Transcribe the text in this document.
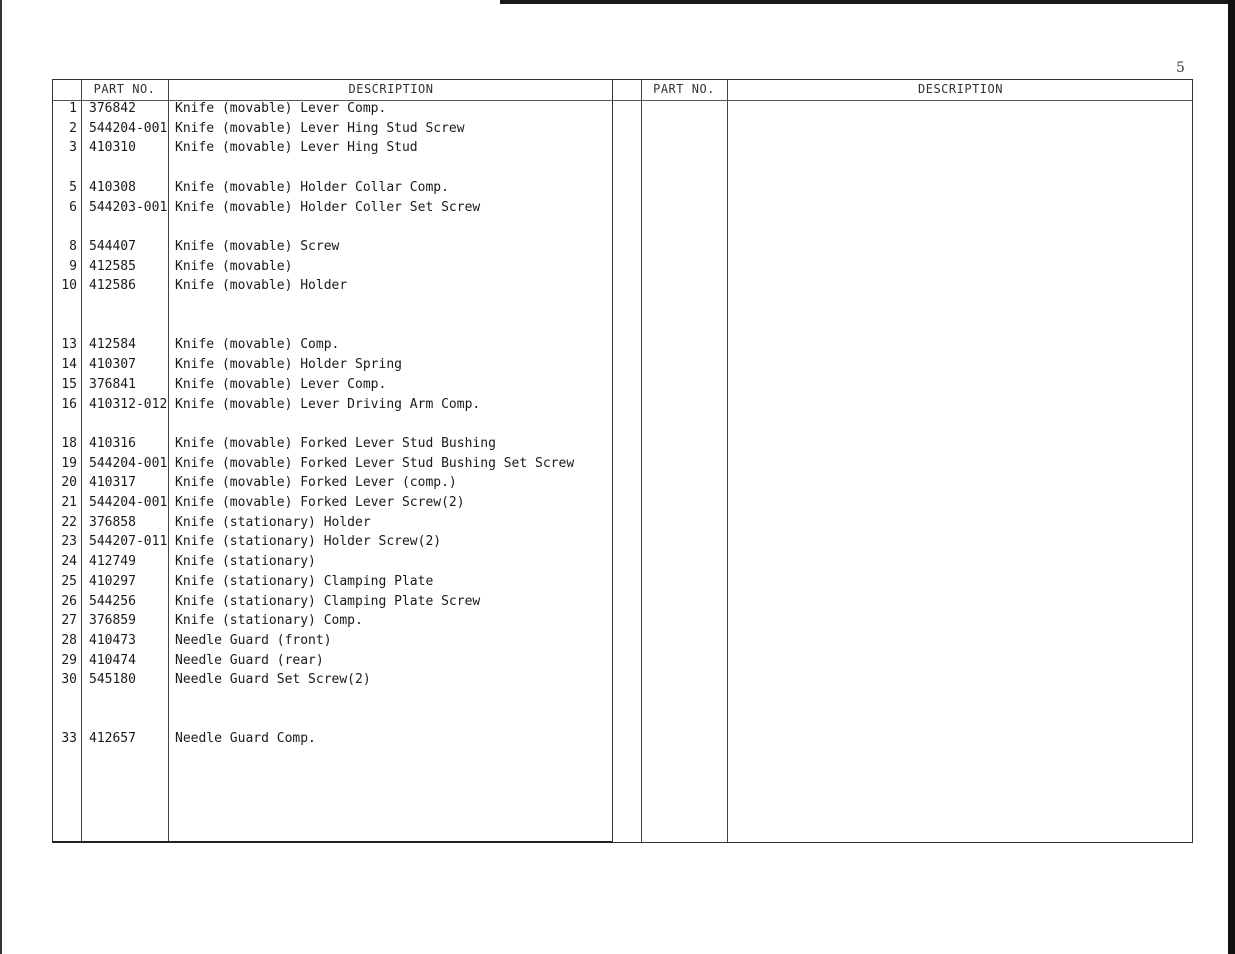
5
PART NO.	DESCRIPTION
1 376842	Knife (movable) Lever Comp.
2 544204-001 Knife (movable) Lever Hing Stud Screw
3 410310	Knife (movable) Lever Hing Stud
5 410308	Knife (movable) Holder Collar Comp.
6 544203-001 Knife (movable) Holder Coller Set Screw
8 544407	Knife (movable) Screw
9 412585	Knife (movable)
10 412586	Knife (movable) Holder
13 412584	Knife (movable) Comp.
14 410307	Knife (movable) Holder Spring
15 376841	Knife (movable) Lever Comp.
16 410312-012 Knife (movable) Lever Driving Arm Comp.
18 410316	Knife (movable) Forked Lever Stud Bushing
19 544204-001 Knife (movable) Forked Lever Stud Bushing Set Screw
20 410317	Knife (movable) Forked Lever (comp.)
21 544204-001 Knife (movable) Forked Lever Screw(2)
22 376858	Knife (stationary) Holder
23 544207-011 Knife (stationary) Holder Screw(2)
24 412749	Knife (stationary)
25 410297	Knife (stationary) Clamping Plate
26 544256	Knife (stationary) Clamping Plate Screw
27 376859	Knife (stationary) Comp.
28 410473	Needle Guard (front)
29 410474	Needle Guard (rear)
30 545180	Needle Guard Set Screw(2)
33 412657	Needle Guard Comp.
PART NO.	DESCRIPTION
